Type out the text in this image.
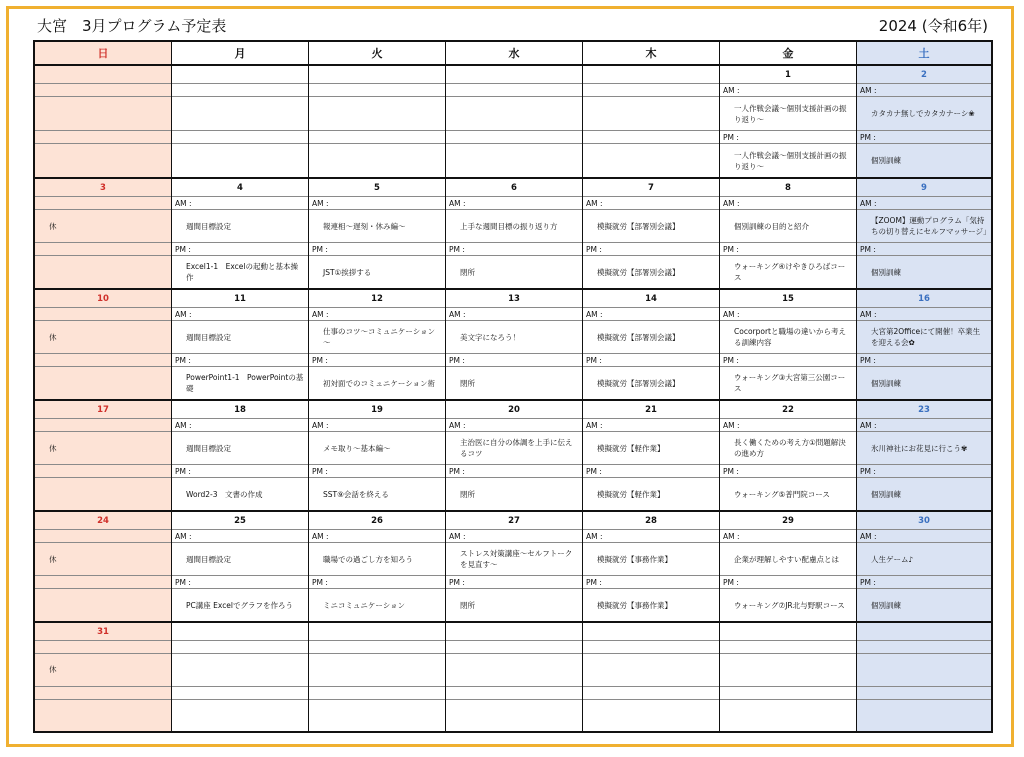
大宮　3月プログラム予定表	2024 (令和6年)
日
3
休
10
休
17
休
24
休
31
休
月
4
AM :
週間目標設定
PM :
Excel1-1　Excelの起動と基本操作
11
AM :
週間目標設定
PM :
PowerPoint1-1　PowerPointの基礎
18
AM :
週間目標設定
PM :
Word2-3　文書の作成
25
AM :
週間目標設定
PM :
PC講座 Excelでグラフを作ろう
火
5
AM :
報連相～遅刻・休み編～
PM :
JST①挨拶する
12
AM :
仕事のコツ～コミュニケーション～
PM :
初対面でのコミュニケーション術
19
AM :
メモ取り～基本編～
PM :
SST⑨会話を終える
26
AM :
職場での過ごし方を知ろう
PM :
ミニコミュニケーション
水
6
AM :
上手な週間目標の振り返り方
PM :
閉所
13
AM :
美文字になろう！
PM :
閉所
20
AM :
主治医に自分の体調を上手に伝えるコツ
PM :
閉所
27
AM :
ストレス対策講座～セルフトークを見直す～
PM :
閉所
木
7
AM :
模擬就労【部署別会議】
PM :
模擬就労【部署別会議】
14
AM :
模擬就労【部署別会議】
PM :
模擬就労【部署別会議】
21
AM :
模擬就労【軽作業】
PM :
模擬就労【軽作業】
28
AM :
模擬就労【事務作業】
PM :
模擬就労【事務作業】
金
1
AM :
一人作戦会議～個別支援計画の振り返り～
PM :
一人作戦会議～個別支援計画の振り返り～
8
AM :
個別訓練の目的と紹介
PM :
ウォーキング④けやきひろばコース
15
AM :
Cocorportと職場の違いから考える訓練内容
PM :
ウォーキング③大宮第三公園コース
22
AM :
長く働くための考え方①問題解決の進め方
PM :
ウォーキング⑤普門院コース
29
AM :
企業が理解しやすい配慮点とは
PM :
ウォーキング⑦JR北与野駅コース
土
2
AM :
カタカナ無しでカタカナーシ❀
PM :
個別訓練
9
AM :
【ZOOM】運動プログラム「気持ちの切り替えにセルフマッサージ」
PM :
個別訓練
16
AM :
大宮第2Officeにて開催！卒業生を迎える会✿
PM :
個別訓練
23
AM :
氷川神社にお花見に行こう✾
PM :
個別訓練
30
AM :
人生ゲーム♪
PM :
個別訓練
